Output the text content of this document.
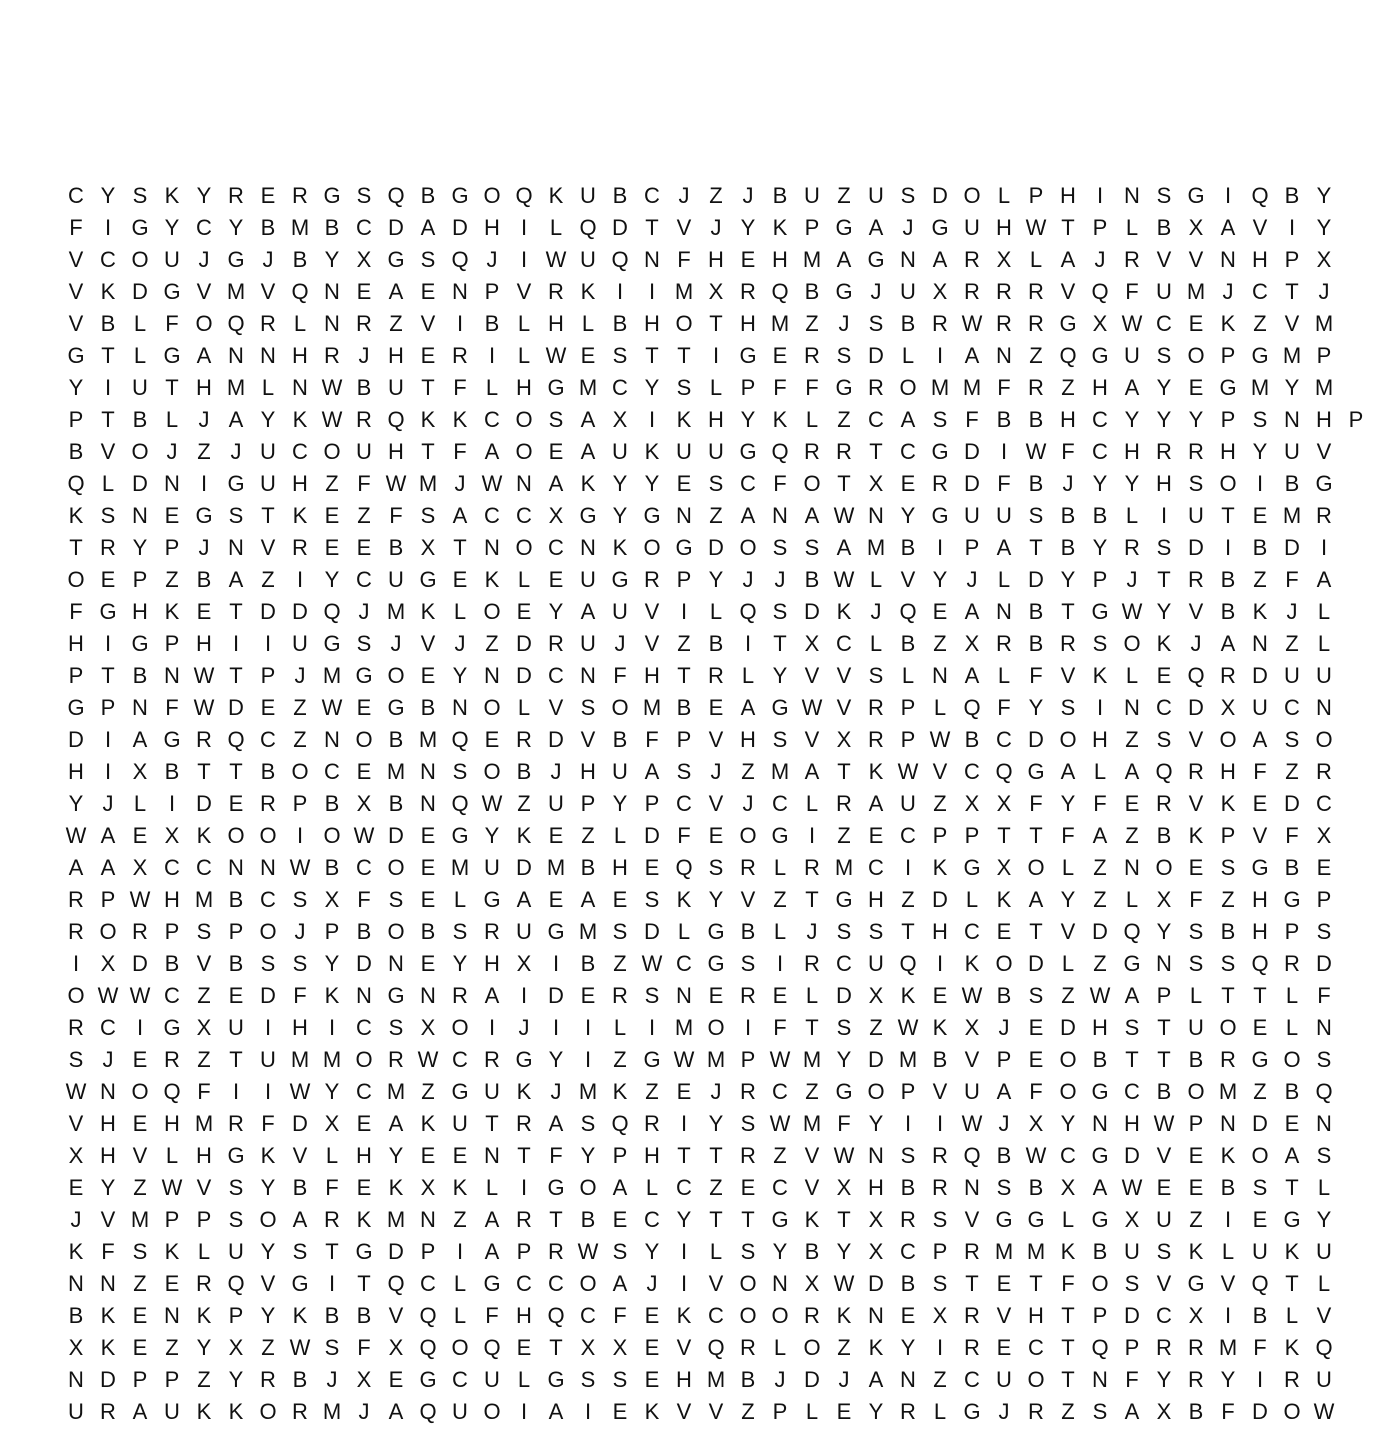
C Y S K Y R E R G S Q B G O Q K U B C J Z J B U Z U S D O L P H I N S G I Q B Y
F	I G Y C Y B M B C D A D H I	L Q D T V J Y K P G A J G U H W T P L B X A V I Y
V C O U J G J B Y X G S Q J	I W U Q N F H E H M A G N A R X L A J R V V N H P X
V K D G V M V Q N E A E N P V R K I	I M X R Q B G J U X R R R V Q F U M J C T J
V B L F O Q R L N R Z V I B L H L B H O T H M Z J S B R W R R G X W C E K Z V M
G T L G A N N H R J H E R I	L W E S T T	I G E R S D L	I A N Z Q G U S O P G M P
Y I U T H M L N W B U T F L H G M C Y S L P F F G R O M M F R Z H A Y E G M Y M
P T B L J A Y K W R Q K K C O S A X I K H Y K L Z C A S F B B H C Y Y Y P S N H P
B V O J Z J U C O U H T F A O E A U K U U G Q R R T C G D I W F C H R R H Y U V
Q L D N I G U H Z F W M J W N A K Y Y E S C F O T X E R D F B J Y Y H S O I B G
K S N E G S T K E Z F S A C C X G Y G N Z A N A W N Y G U U S B B L	I U T E M R
T R Y P J N V R E E B X T N O C N K O G D O S S A M B I P A T B Y R S D I B D I
O E P Z B A Z	I Y C U G E K L E U G R P Y J J B W L V Y J L D Y P J T R B Z F A
F G H K E T D D Q J M K L O E Y A U V I	L Q S D K J Q E A N B T G W Y V B K J L
H I G P H I	I U G S J V J Z D R U J V Z B I	T X C L B Z X R B R S O K J A N Z L
P T B N W T P J M G O E Y N D C N F H T R L Y V V S L N A L F V K L E Q R D U U
G P N F W D E Z W E G B N O L V S O M B E A G W V R P L Q F Y S I N C D X U C N
D I A G R Q C Z N O B M Q E R D V B F P V H S V X R P W B C D O H Z S V O A S O
H I X B T T B O C E M N S O B J H U A S J Z M A T K W V C Q G A L A Q R H F Z R
Y J L	I D E R P B X B N Q W Z U P Y P C V J C L R A U Z X X F Y F E R V K E D C
W A E X K O O I O W D E G Y K E Z L D F E O G I	Z E C P P T T F A Z B K P V F X
A A X C C N N W B C O E M U D M B H E Q S R L R M C I K G X O L Z N O E S G B E
R P W H M B C S X F S E L G A E A E S K Y V Z T G H Z D L K A Y Z L X F Z H G P
R O R P S P O J P B O B S R U G M S D L G B L J S S T H C E T V D Q Y S B H P S
I X D B V B S S Y D N E Y H X I B Z W C G S I R C U Q I K O D L Z G N S S Q R D
O W W C Z E D F K N G N R A I D E R S N E R E L D X K E W B S Z W A P L T T L F
R C I G X U I H I C S X O I	J	I	I	L	I M O I	F T S Z W K X J E D H S T U O E L N
S J E R Z T U M M O R W C R G Y I	Z G W M P W M Y D M B V P E O B T T B R G O S
W N O Q F	I	I W Y C M Z G U K J M K Z E J R C Z G O P V U A F O G C B O M Z B Q
V H E H M R F D X E A K U T R A S Q R I Y S W M F Y I	I W J X Y N H W P N D E N
X H V L H G K V L H Y E E N T F Y P H T T R Z V W N S R Q B W C G D V E K O A S
E Y Z W V S Y B F E K X K L	I G O A L C Z E C V X H B R N S B X A W E E B S T L
J V M P P S O A R K M N Z A R T B E C Y T T G K T X R S V G G L G X U Z	I E G Y
K F S K L U Y S T G D P I A P R W S Y I	L S Y B Y X C P R M M K B U S K L U K U
N N Z E R Q V G I	T Q C L G C C O A J	I V O N X W D B S T E T F O S V G V Q T L
B K E N K P Y K B B V Q L F H Q C F E K C O O R K N E X R V H T P D C X I B L V
X K E Z Y X Z W S F X Q O Q E T X X E V Q R L O Z K Y I R E C T Q P R R M F K Q
N D P P Z Y R B J X E G C U L G S S E H M B J D J A N Z C U O T N F Y R Y I R U
U R A U K K O R M J A Q U O I A I E K V V Z P L E Y R L G J R Z S A X B F D O W
